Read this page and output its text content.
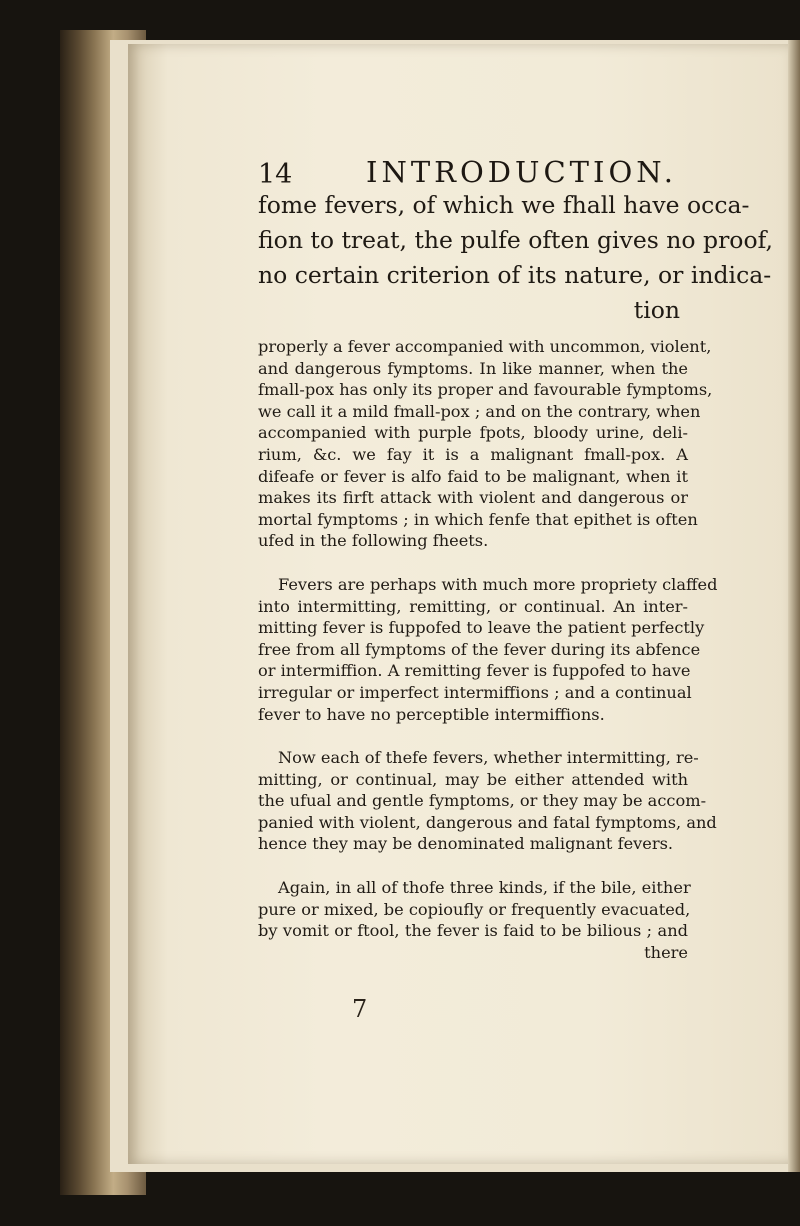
14	INTRODUCTION.
fome fevers, of which we fhall have occa-
fion to treat, the pulfe often gives no proof,
no certain criterion of its nature, or indica-
tion
properly a fever accompanied with uncommon, violent,
and dangerous fymptoms. In like manner, when the
fmall-pox has only its proper and favourable fymptoms,
we call it a mild fmall-pox ; and on the contrary, when
accompanied with purple fpots, bloody urine, deli-
rium, &c. we fay it is a malignant fmall-pox. A
difeafe or fever is alfo faid to be malignant, when it
makes its firft attack with violent and dangerous or
mortal fymptoms ; in which fenfe that epithet is often
ufed in the following fheets.
Fevers are perhaps with much more propriety claffed
into intermitting, remitting, or continual. An inter-
mitting fever is fuppofed to leave the patient perfectly
free from all fymptoms of the fever during its abfence
or intermiffion. A remitting fever is fuppofed to have
irregular or imperfect intermiffions ; and a continual
fever to have no perceptible intermiffions.
Now each of thefe fevers, whether intermitting, re-
mitting, or continual, may be either attended with
the ufual and gentle fymptoms, or they may be accom-
panied with violent, dangerous and fatal fymptoms, and
hence they may be denominated malignant fevers.
Again, in all of thofe three kinds, if the bile, either
pure or mixed, be copioufly or frequently evacuated,
by vomit or ftool, the fever is faid to be bilious ; and
there
7
